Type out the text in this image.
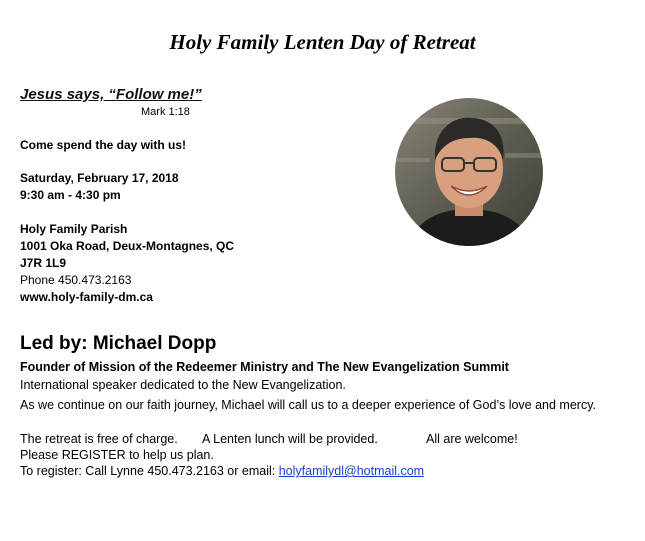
Holy Family Lenten Day of Retreat
Jesus says, “Follow me!”
Mark 1:18
Come spend the day with us!
Saturday, February 17, 2018
9:30 am - 4:30 pm
Holy Family Parish
1001 Oka Road, Deux-Montagnes, QC
J7R 1L9
Phone 450.473.2163
www.holy-family-dm.ca
Led by: Michael Dopp
Founder of Mission of the Redeemer Ministry and The New Evangelization Summit
International speaker dedicated to the New Evangelization.
As we continue on our faith journey, Michael will call us to a deeper experience of God’s love and mercy.
The retreat is free of charge. A Lenten lunch will be provided.	All are welcome!
Please REGISTER to help us plan.
To register: Call Lynne 450.473.2163 or email: holyfamilydl@hotmail.com
